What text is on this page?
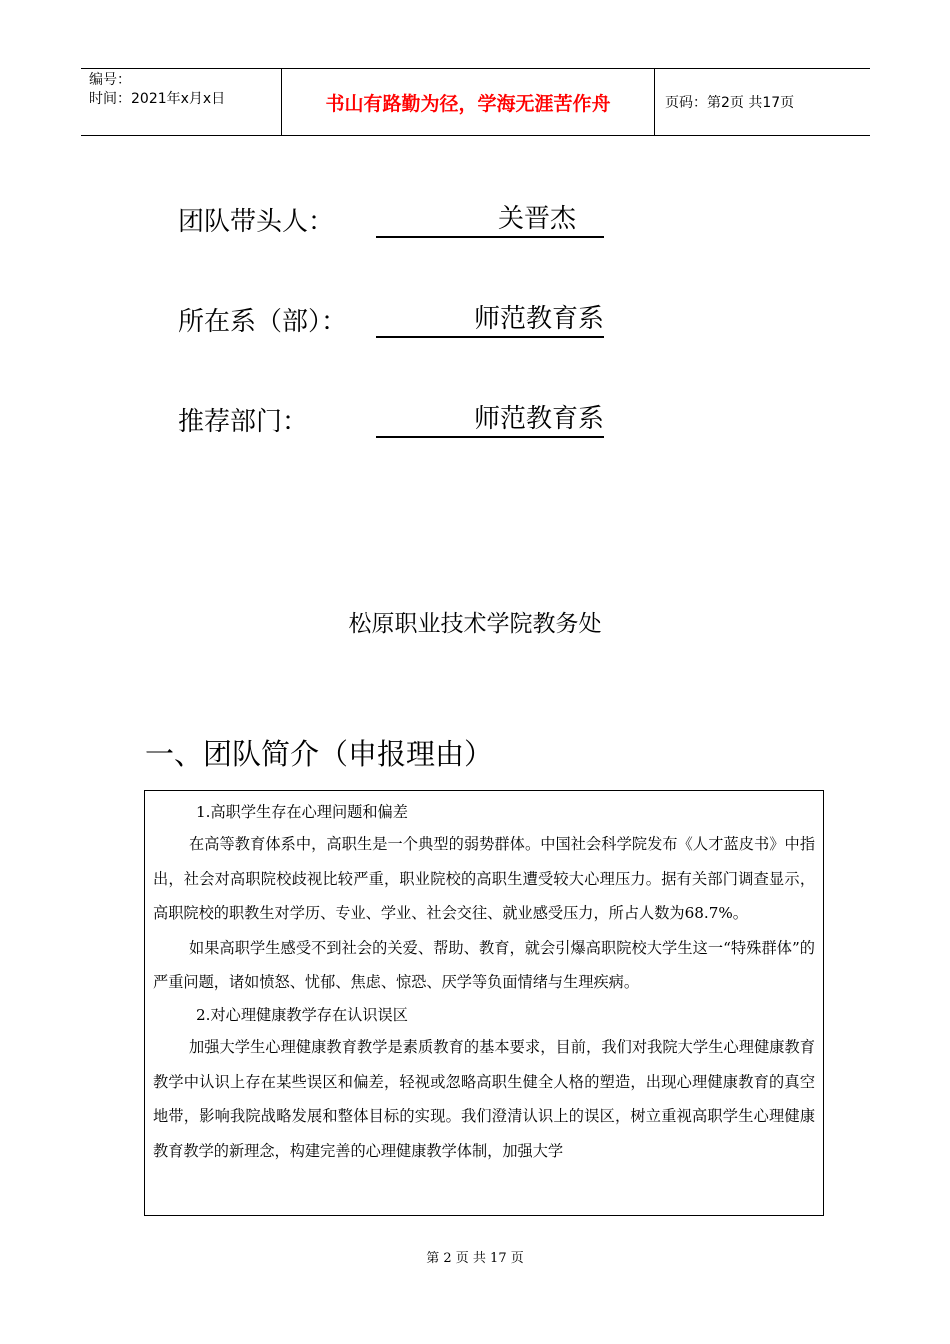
编号：
时间：2021年x月x日	书山有路勤为径，学海无涯苦作舟	页码：第2页 共17页
团队带头人：	关晋杰
所在系（部）：	师范教育系
推荐部门：	师范教育系
松原职业技术学院教务处
一、团队简介（申报理由）

1.高职学生存在心理问题和偏差

在高等教育体系中，高职生是一个典型的弱势群体。中国社会科学院发布《人才蓝皮书》中指出，社会对高职院校歧视比较严重，职业院校的高职生遭受较大心理压力。据有关部门调查显示，高职院校的职教生对学历、专业、学业、社会交往、就业感受压力，所占人数为68.7%。

如果高职学生感受不到社会的关爱、帮助、教育，就会引爆高职院校大学生这一“特殊群体”的严重问题，诸如愤怒、忧郁、焦虑、惊恐、厌学等负面情绪与生理疾病。

2.对心理健康教学存在认识误区

加强大学生心理健康教育教学是素质教育的基本要求，目前，我们对我院大学生心理健康教育教学中认识上存在某些误区和偏差，轻视或忽略高职生健全人格的塑造，出现心理健康教育的真空地带，影响我院战略发展和整体目标的实现。我们澄清认识上的误区，树立重视高职学生心理健康教育教学的新理念，构建完善的心理健康教学体制，加强大学

第 2 页 共 17 页
